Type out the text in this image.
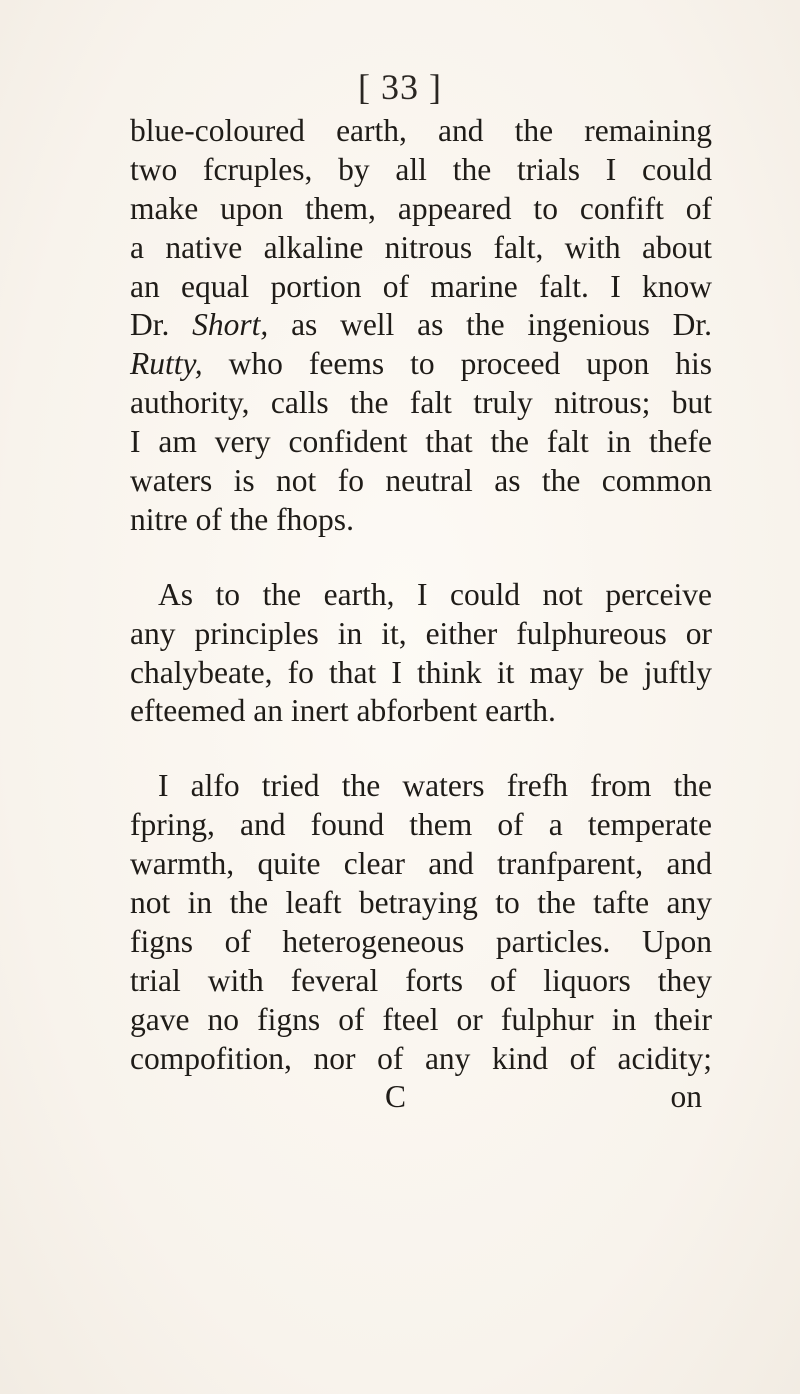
[ 33 ]
blue-coloured earth, and the remaining
two fcruples, by all the trials I could
make upon them, appeared to confift of
a native alkaline nitrous falt, with about
an equal portion of marine falt. I know
Dr. Short, as well as the ingenious Dr.
Rutty, who feems to proceed upon his
authority, calls the falt truly nitrous; but
I am very confident that the falt in thefe
waters is not fo neutral as the common
nitre of the fhops.
As to the earth, I could not perceive
any principles in it, either fulphureous or
chalybeate, fo that I think it may be juftly
efteemed an inert abforbent earth.
I alfo tried the waters frefh from the
fpring, and found them of a temperate
warmth, quite clear and tranfparent, and
not in the leaft betraying to the tafte any
figns of heterogeneous particles. Upon
trial with feveral forts of liquors they
gave no figns of fteel or fulphur in their
compofition, nor of any kind of acidity;
C	on
